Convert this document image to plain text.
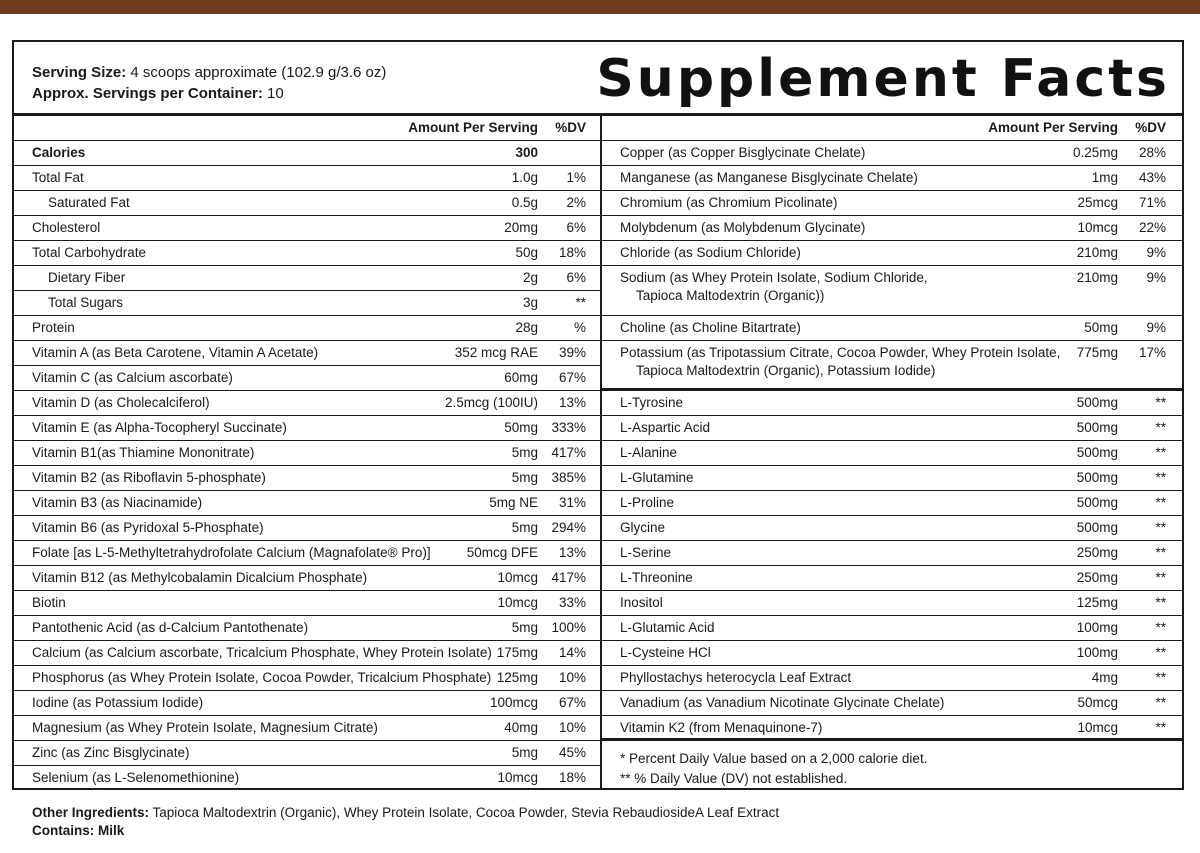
Serving Size: 4 scoops approximate (102.9 g/3.6 oz)
Approx. Servings per Container: 10	Supplement Facts
Amount Per Serving %DV
Calories	300
Total Fat	1.0g 1%
Saturated Fat	0.5g 2%
Cholesterol	20mg 6%
Total Carbohydrate	50g 18%
Dietary Fiber	2g 6%
Total Sugars	3g	**
Protein	28g	%
Vitamin A (as Beta Carotene, Vitamin A Acetate)	352 mcg RAE 39%
Vitamin C (as Calcium ascorbate)	60mg 67%
Vitamin D (as Cholecalciferol)	2.5mcg (100IU) 13%
Vitamin E (as Alpha-Tocopheryl Succinate)	50mg 333%
Vitamin B1(as Thiamine Mononitrate)	5mg 417%
Vitamin B2 (as Riboflavin 5-phosphate)	5mg 385%
Vitamin B3 (as Niacinamide)	5mg NE 31%
Vitamin B6 (as Pyridoxal 5-Phosphate)	5mg 294%
Folate [as L-5-Methyltetrahydrofolate Calcium (Magnafolate® Pro)]	50mcg DFE 13%
Vitamin B12 (as Methylcobalamin Dicalcium Phosphate)	10mcg 417%
Biotin	10mcg 33%
Pantothenic Acid (as d-Calcium Pantothenate)	5mg 100%
Calcium (as Calcium ascorbate, Tricalcium Phosphate, Whey Protein Isolate) 175mg 14%
Phosphorus (as Whey Protein Isolate, Cocoa Powder, Tricalcium Phosphate) 125mg 10%
Iodine (as Potassium Iodide)	100mcg 67%
Magnesium (as Whey Protein Isolate, Magnesium Citrate)	40mg 10%
Zinc (as Zinc Bisglycinate)	5mg 45%
Selenium (as L-Selenomethionine)	10mcg 18%
Amount Per Serving %DV
Copper (as Copper Bisglycinate Chelate)	0.25mg 28%
Manganese (as Manganese Bisglycinate Chelate)	1mg 43%
Chromium (as Chromium Picolinate)	25mcg 71%
Molybdenum (as Molybdenum Glycinate)	10mcg 22%
Chloride (as Sodium Chloride)	210mg 9%
Sodium (as Whey Protein Isolate, Sodium Chloride,	210mg 9%
Tapioca Maltodextrin (Organic))
Choline (as Choline Bitartrate)	50mg 9%
Potassium (as Tripotassium Citrate, Cocoa Powder, Whey Protein Isolate, 775mg 17%
Tapioca Maltodextrin (Organic), Potassium Iodide)
L-Tyrosine	500mg	**
L-Aspartic Acid	500mg	**
L-Alanine	500mg	**
L-Glutamine	500mg	**
L-Proline	500mg	**
Glycine	500mg	**
L-Serine	250mg	**
L-Threonine	250mg	**
Inositol	125mg	**
L-Glutamic Acid	100mg	**
L-Cysteine HCl	100mg	**
Phyllostachys heterocycla Leaf Extract	4mg	**
Vanadium (as Vanadium Nicotinate Glycinate Chelate)	50mcg	**
Vitamin K2 (from Menaquinone-7)	10mcg	**
* Percent Daily Value based on a 2,000 calorie diet.
** % Daily Value (DV) not established.
Other Ingredients: Tapioca Maltodextrin (Organic), Whey Protein Isolate, Cocoa Powder, Stevia RebaudiosideA Leaf Extract
Contains: Milk
